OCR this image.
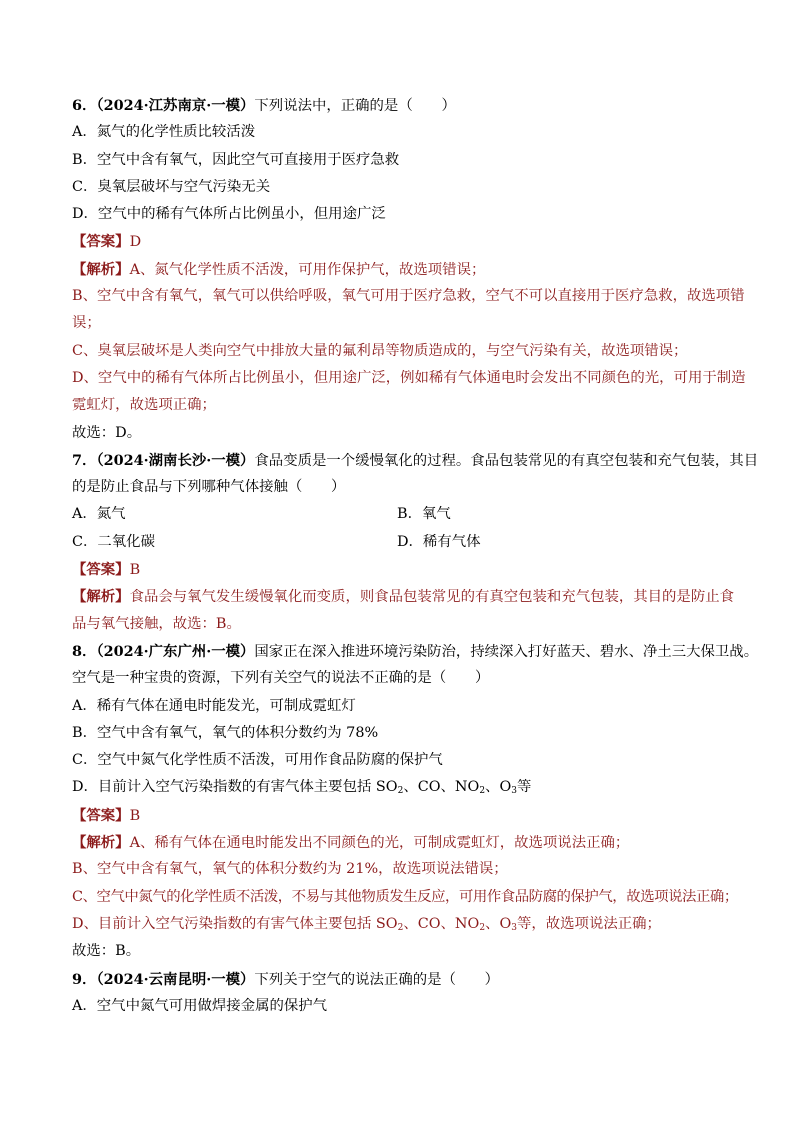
6．（2024·江苏南京·一模）下列说法中，正确的是（　　）
A．氮气的化学性质比较活泼
B．空气中含有氧气，因此空气可直接用于医疗急救
C．臭氧层破坏与空气污染无关
D．空气中的稀有气体所占比例虽小，但用途广泛
【答案】D
【解析】A、氮气化学性质不活泼，可用作保护气，故选项错误；
B、空气中含有氧气，氧气可以供给呼吸，氧气可用于医疗急救，空气不可以直接用于医疗急救，故选项错
误；
C、臭氧层破坏是人类向空气中排放大量的氟利昂等物质造成的，与空气污染有关，故选项错误；
D、空气中的稀有气体所占比例虽小，但用途广泛，例如稀有气体通电时会发出不同颜色的光，可用于制造
霓虹灯，故选项正确；
故选：D。
7．（2024·湖南长沙·一模）食品变质是一个缓慢氧化的过程。食品包装常见的有真空包装和充气包装，其目
的是防止食品与下列哪种气体接触（　　）
A．氮气	B．氧气
C．二氧化碳	D．稀有气体
【答案】B
【解析】食品会与氧气发生缓慢氧化而变质，则食品包装常见的有真空包装和充气包装，其目的是防止食
品与氧气接触，故选：B。
8．（2024·广东广州·一模）国家正在深入推进环境污染防治，持续深入打好蓝天、碧水、净土三大保卫战。
空气是一种宝贵的资源，下列有关空气的说法不正确的是（　　）
A．稀有气体在通电时能发光，可制成霓虹灯
B．空气中含有氧气，氧气的体积分数约为 78%
C．空气中氮气化学性质不活泼，可用作食品防腐的保护气
D．目前计入空气污染指数的有害气体主要包括 $SO_2$、CO、$NO_2$、$O_3$等
【答案】B
【解析】A、稀有气体在通电时能发出不同颜色的光，可制成霓虹灯，故选项说法正确；
B、空气中含有氧气，氧气的体积分数约为 21%，故选项说法错误；
C、空气中氮气的化学性质不活泼，不易与其他物质发生反应，可用作食品防腐的保护气，故选项说法正确；
D、目前计入空气污染指数的有害气体主要包括 $SO_2$、CO、$NO_2$、$O_3$等，故选项说法正确；
故选：B。
9．（2024·云南昆明·一模）下列关于空气的说法正确的是（　　）
A．空气中氮气可用做焊接金属的保护气
